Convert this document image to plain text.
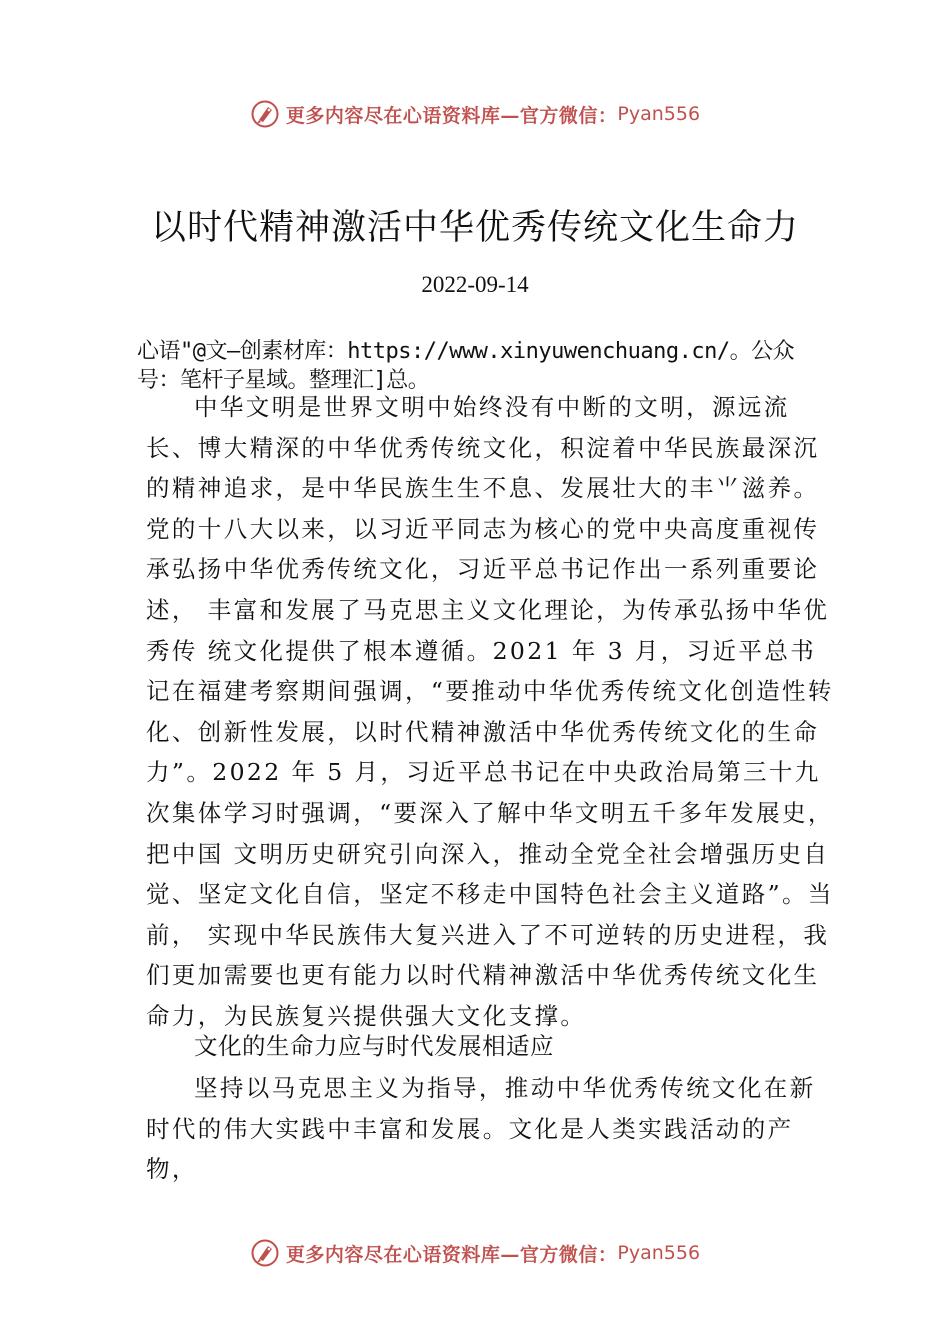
更多内容尽在心语资料库—官方微信： Pyan556
以时代精神激活中华优秀传统文化生命力
2022-09-14
心语"@文—创素材库：https://www.xinyuwenchuang.cn/。公众号：笔杆子星域。整理汇]总。

中华文明是世界文明中始终没有中断的文明，源远流长、博大精深的中华优秀传统文化，积淀着中华民族最深沉的精神追求，是中华民族生生不息、发展壮大的丰⺌滋养。党的十八大以来，以习近平同志为核心的党中央高度重视传承弘扬中华优秀传统文化，习近平总书记作出一系列重要论述， 丰富和发展了马克思主义文化理论，为传承弘扬中华优秀传 统文化提供了根本遵循。2021 年 3 月，习近平总书记在福建考察期间强调，“要推动中华优秀传统文化创造性转化、创新性发展，以时代精神激活中华优秀传统文化的生命力”。2022 年 5 月，习近平总书记在中央政治局第三十九次集体学习时强调，“要深入了解中华文明五千多年发展史，把中国 文明历史研究引向深入，推动全党全社会增强历史自觉、坚定文化自信，坚定不移走中国特色社会主义道路”。当前， 实现中华民族伟大复兴进入了不可逆转的历史进程，我们更加需要也更有能力以时代精神激活中华优秀传统文化生命力，为民族复兴提供强大文化支撑。

文化的生命力应与时代发展相适应

坚持以马克思主义为指导，推动中华优秀传统文化在新时代的伟大实践中丰富和发展。文化是人类实践活动的产物，

更多内容尽在心语资料库—官方微信： Pyan556
